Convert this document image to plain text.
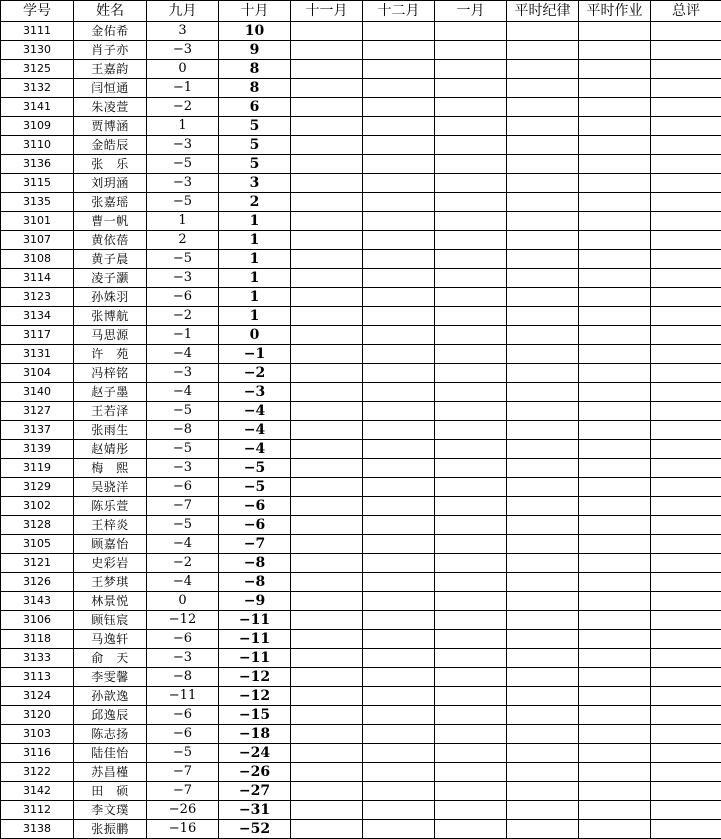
学号	姓名	九月	十月	十一月	十二月	一月	平时纪律	平时作业	总评
3111	金佑希	3	10						
3130	肖子亦	−3	9						
3125	王嘉韵	0	8						
3132	闫恒通	−1	8						
3141	朱凌萱	−2	6						
3109	贾博涵	1	5						
3110	金皓辰	−3	5						
3136	张　乐	−5	5						
3115	刘玥涵	−3	3						
3135	张嘉瑶	−5	2						
3101	曹一帆	1	1						
3107	黄依蓓	2	1						
3108	黄子晨	−5	1						
3114	凌子灏	−3	1						
3123	孙姝羽	−6	1						
3134	张博航	−2	1						
3117	马思源	−1	0						
3131	许　苑	−4	−1						
3104	冯梓铭	−3	−2						
3140	赵子墨	−4	−3						
3127	王若泽	−5	−4						
3137	张雨生	−8	−4						
3139	赵婧彤	−5	−4						
3119	梅　熙	−3	−5						
3129	吴骁洋	−6	−5						
3102	陈乐萱	−7	−6						
3128	王梓炎	−5	−6						
3105	顾嘉怡	−4	−7						
3121	史彩岩	−2	−8						
3126	王梦琪	−4	−8						
3143	林景悦	0	−9						
3106	顾钰宸	−12	−11						
3118	马逸轩	−6	−11						
3133	俞　天	−3	−11						
3113	李雯馨	−8	−12						
3124	孙歆逸	−11	−12						
3120	邱逸辰	−6	−15						
3103	陈志扬	−6	−18						
3116	陆佳怡	−5	−24						
3122	苏昌槿	−7	−26						
3142	田　硕	−7	−27						
3112	李文璞	−26	−31						
3138	张振鹏	−16	−52						
